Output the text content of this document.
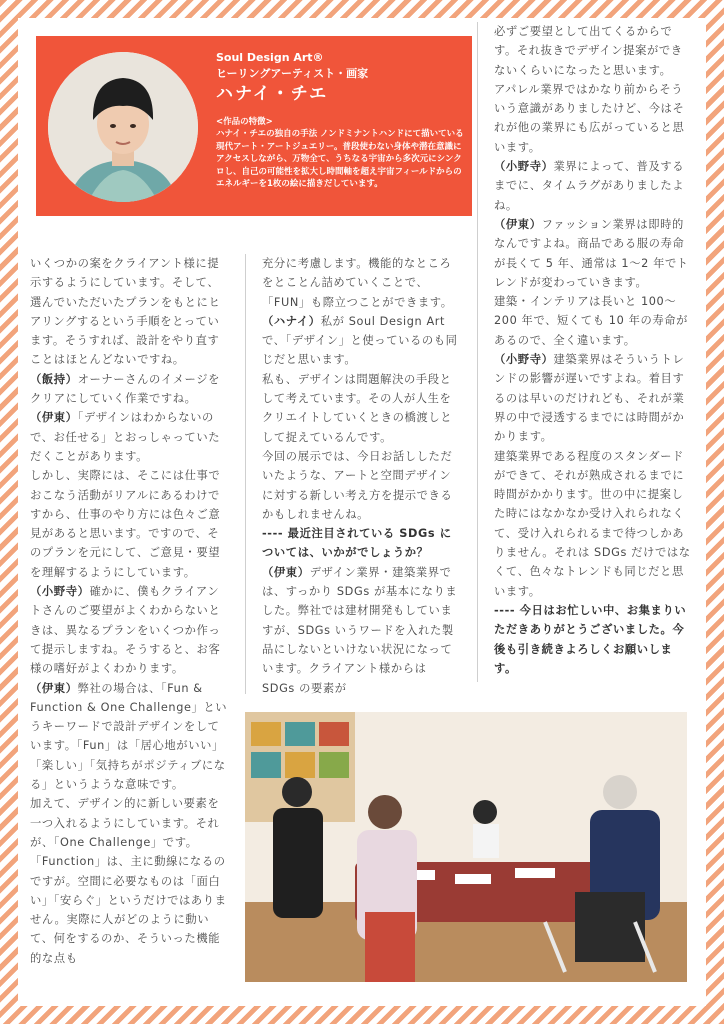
いくつかの案をクライアント様に提示するようにしています。そして、選んでいただいたプランをもとにヒアリングするという手順をとっています。そうすれば、設計をやり直すことはほとんどないですね。

（飯持）オーナーさんのイメージをクリアにしていく作業ですね。

（伊東）「デザインはわからないので、お任せる」とおっしゃっていただくことがあります。

しかし、実際には、そこには仕事でおこなう活動がリアルにあるわけですから、仕事のやり方には色々ご意見があると思います。ですので、そのプランを元にして、ご意見・要望を理解するようにしています。

（小野寺）確かに、僕もクライアントさんのご要望がよくわからないときは、異なるプランをいくつか作って提示しますね。そうすると、お客様の嗜好がよくわかります。

（伊東）弊社の場合は、「Fun & Function & One Challenge」というキーワードで設計デザインをしています。「Fun」は「居心地がいい」「楽しい」「気持ちがポジティブになる」というような意味です。

加えて、デザイン的に新しい要素を一つ入れるようにしています。それが、「One Challenge」です。

「Function」は、主に動線になるのですが。空間に必要なものは「面白い」「安らぐ」というだけではありません。実際に人がどのように動いて、何をするのか、そういった機能的な点も

充分に考慮します。機能的なところをとことん詰めていくことで、「FUN」も際立つことができます。

（ハナイ）私が Soul Design Art で、「デザイン」と使っているのも同じだと思います。

私も、デザインは問題解決の手段として考えています。その人が人生をクリエイトしていくときの橋渡しとして捉えているんです。

今回の展示では、今日お話ししただいたような、アートと空間デザインに対する新しい考え方を提示できるかもしれませんね。

---- 最近注目されている SDGs については、いかがでしょうか？

（伊東）デザイン業界・建築業界では、すっかり SDGs が基本になりました。弊社では建材開発もしていますが、SDGs いうワードを入れた製品にしないといけない状況になっています。クライアント様からは SDGs の要素が

必ずご要望として出てくるからです。それ抜きでデザイン提案ができないくらいになったと思います。

アパレル業界ではかなり前からそういう意識がありましたけど、今はそれが他の業界にも広がっていると思います。

（小野寺）業界によって、普及するまでに、タイムラグがありましたよね。

（伊東）ファッション業界は即時的なんですよね。商品である服の寿命が長くて 5 年、通常は 1〜2 年でトレンドが変わっていきます。

建築・インテリアは長いと 100〜200 年で、短くても 10 年の寿命があるので、全く違います。

（小野寺）建築業界はそういうトレンドの影響が遅いですよね。着目するのは早いのだけれども、それが業界の中で浸透するまでには時間がかかります。

建築業界である程度のスタンダードができて、それが熟成されるまでに時間がかかります。世の中に提案した時にはなかなか受け入れられなくて、受け入れられるまで待つしかありません。それは SDGs だけではなくて、色々なトレンドも同じだと思います。

---- 今日はお忙しい中、お集まりいただきありがとうございました。今後も引き続きよろしくお願いします。

Soul Design Art®
ヒーリングアーティスト・画家
ハナイ・チエ
<作品の特徴>
ハナイ・チエの独自の手法 ノンドミナントハンドにて描いている現代アート・アートジュエリー。普段使わない身体や潜在意識にアクセスしながら、万物全て、うちなる宇宙から多次元にシンクロし、自己の可能性を拡大し時間軸を超え宇宙フィールドからのエネルギーを1枚の絵に描きだしています。
